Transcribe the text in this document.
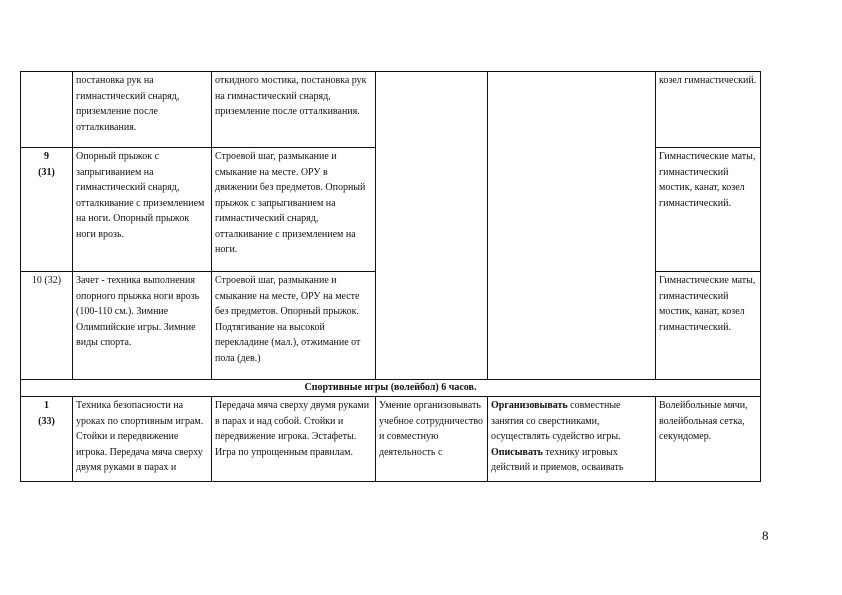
	постановка рук на гимнастический снаряд, приземление после отталкивания.	откидного мостика, постановка рук на гимнастический снаряд, приземление после отталкивания.			козел гимнастический.

9
(31)	Опорный прыжок с запрыгиванием на гимнастический снаряд, отталкивание с приземлением на ноги. Опорный прыжок ноги врозь.	Строевой шаг, размыкание и смыкание на месте. ОРУ в движении без предметов. Опорный прыжок с запрыгиванием на гимнастический снаряд, отталкивание с приземлением на ноги.			Гимнастические маты, гимнастический мостик, канат, козел гимнастический.

10 (32)	Зачет - техника выполнения опорного прыжка ноги врозь (100-110 см.). Зимние Олимпийские игры. Зимние виды спорта.	Строевой шаг, размыкание и смыкание на месте, ОРУ на месте без предметов. Опорный прыжок. Подтягивание на высокой перекладине (мал.), отжимание от пола (дев.)			Гимнастические маты, гимнастический мостик, канат, козел гимнастический.

Спортивные игры (волейбол) 6 часов.					
1
(33)	Техника безопасности на уроках по спортивным играм. Стойки и передвижение игрока. Передача мяча сверху двумя руками в парах и	Передача мяча сверху двумя руками в парах и над собой. Стойки и передвижение игрока. Эстафеты. Игра по упрощенным правилам.	Умение организовывать учебное сотрудничество и совместную деятельность с	Организовывать совместные занятия со сверстниками, осуществлять судейство игры. Описывать технику игровых действий и приемов, осваивать	Волейбольные мячи, волейбольная сетка, секундомер.
8
